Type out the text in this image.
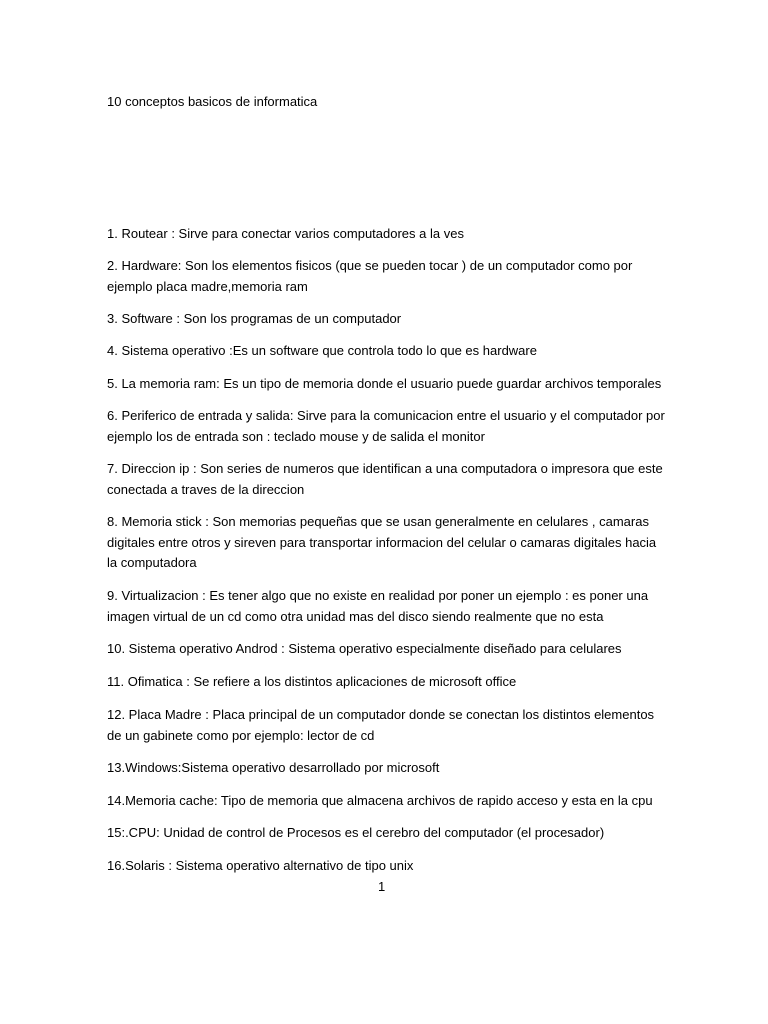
10 conceptos basicos de informatica
1. Routear : Sirve para conectar varios computadores a la ves
2. Hardware: Son los elementos fisicos (que se pueden tocar ) de un computador como por ejemplo placa madre,memoria ram
3. Software : Son los programas de un computador
4. Sistema operativo :Es un software que controla todo lo que es hardware
5. La memoria ram: Es un tipo de memoria donde el usuario puede guardar archivos temporales
6. Periferico de entrada y salida: Sirve para la comunicacion entre el usuario y el computador por ejemplo los de entrada son : teclado mouse y de salida el monitor
7. Direccion ip : Son series de numeros que identifican a una computadora o impresora que este conectada a traves de la direccion
8. Memoria stick : Son memorias pequeñas que se usan generalmente en celulares , camaras digitales entre otros y sireven para transportar informacion del celular o camaras digitales hacia la computadora
9. Virtualizacion : Es tener algo que no existe en realidad por poner un ejemplo : es poner una imagen virtual de un cd como otra unidad mas del disco siendo realmente que no esta
10. Sistema operativo Androd : Sistema operativo especialmente diseñado para celulares
11. Ofimatica : Se refiere a los distintos aplicaciones de microsoft office
12. Placa Madre : Placa principal de un computador donde se conectan los distintos elementos de un gabinete como por ejemplo: lector de cd
13.Windows:Sistema operativo desarrollado por microsoft
14.Memoria cache: Tipo de memoria que almacena archivos de rapido acceso y esta en la cpu
15:.CPU: Unidad de control de Procesos es el cerebro del computador (el procesador)
16.Solaris : Sistema operativo alternativo de tipo unix
1
